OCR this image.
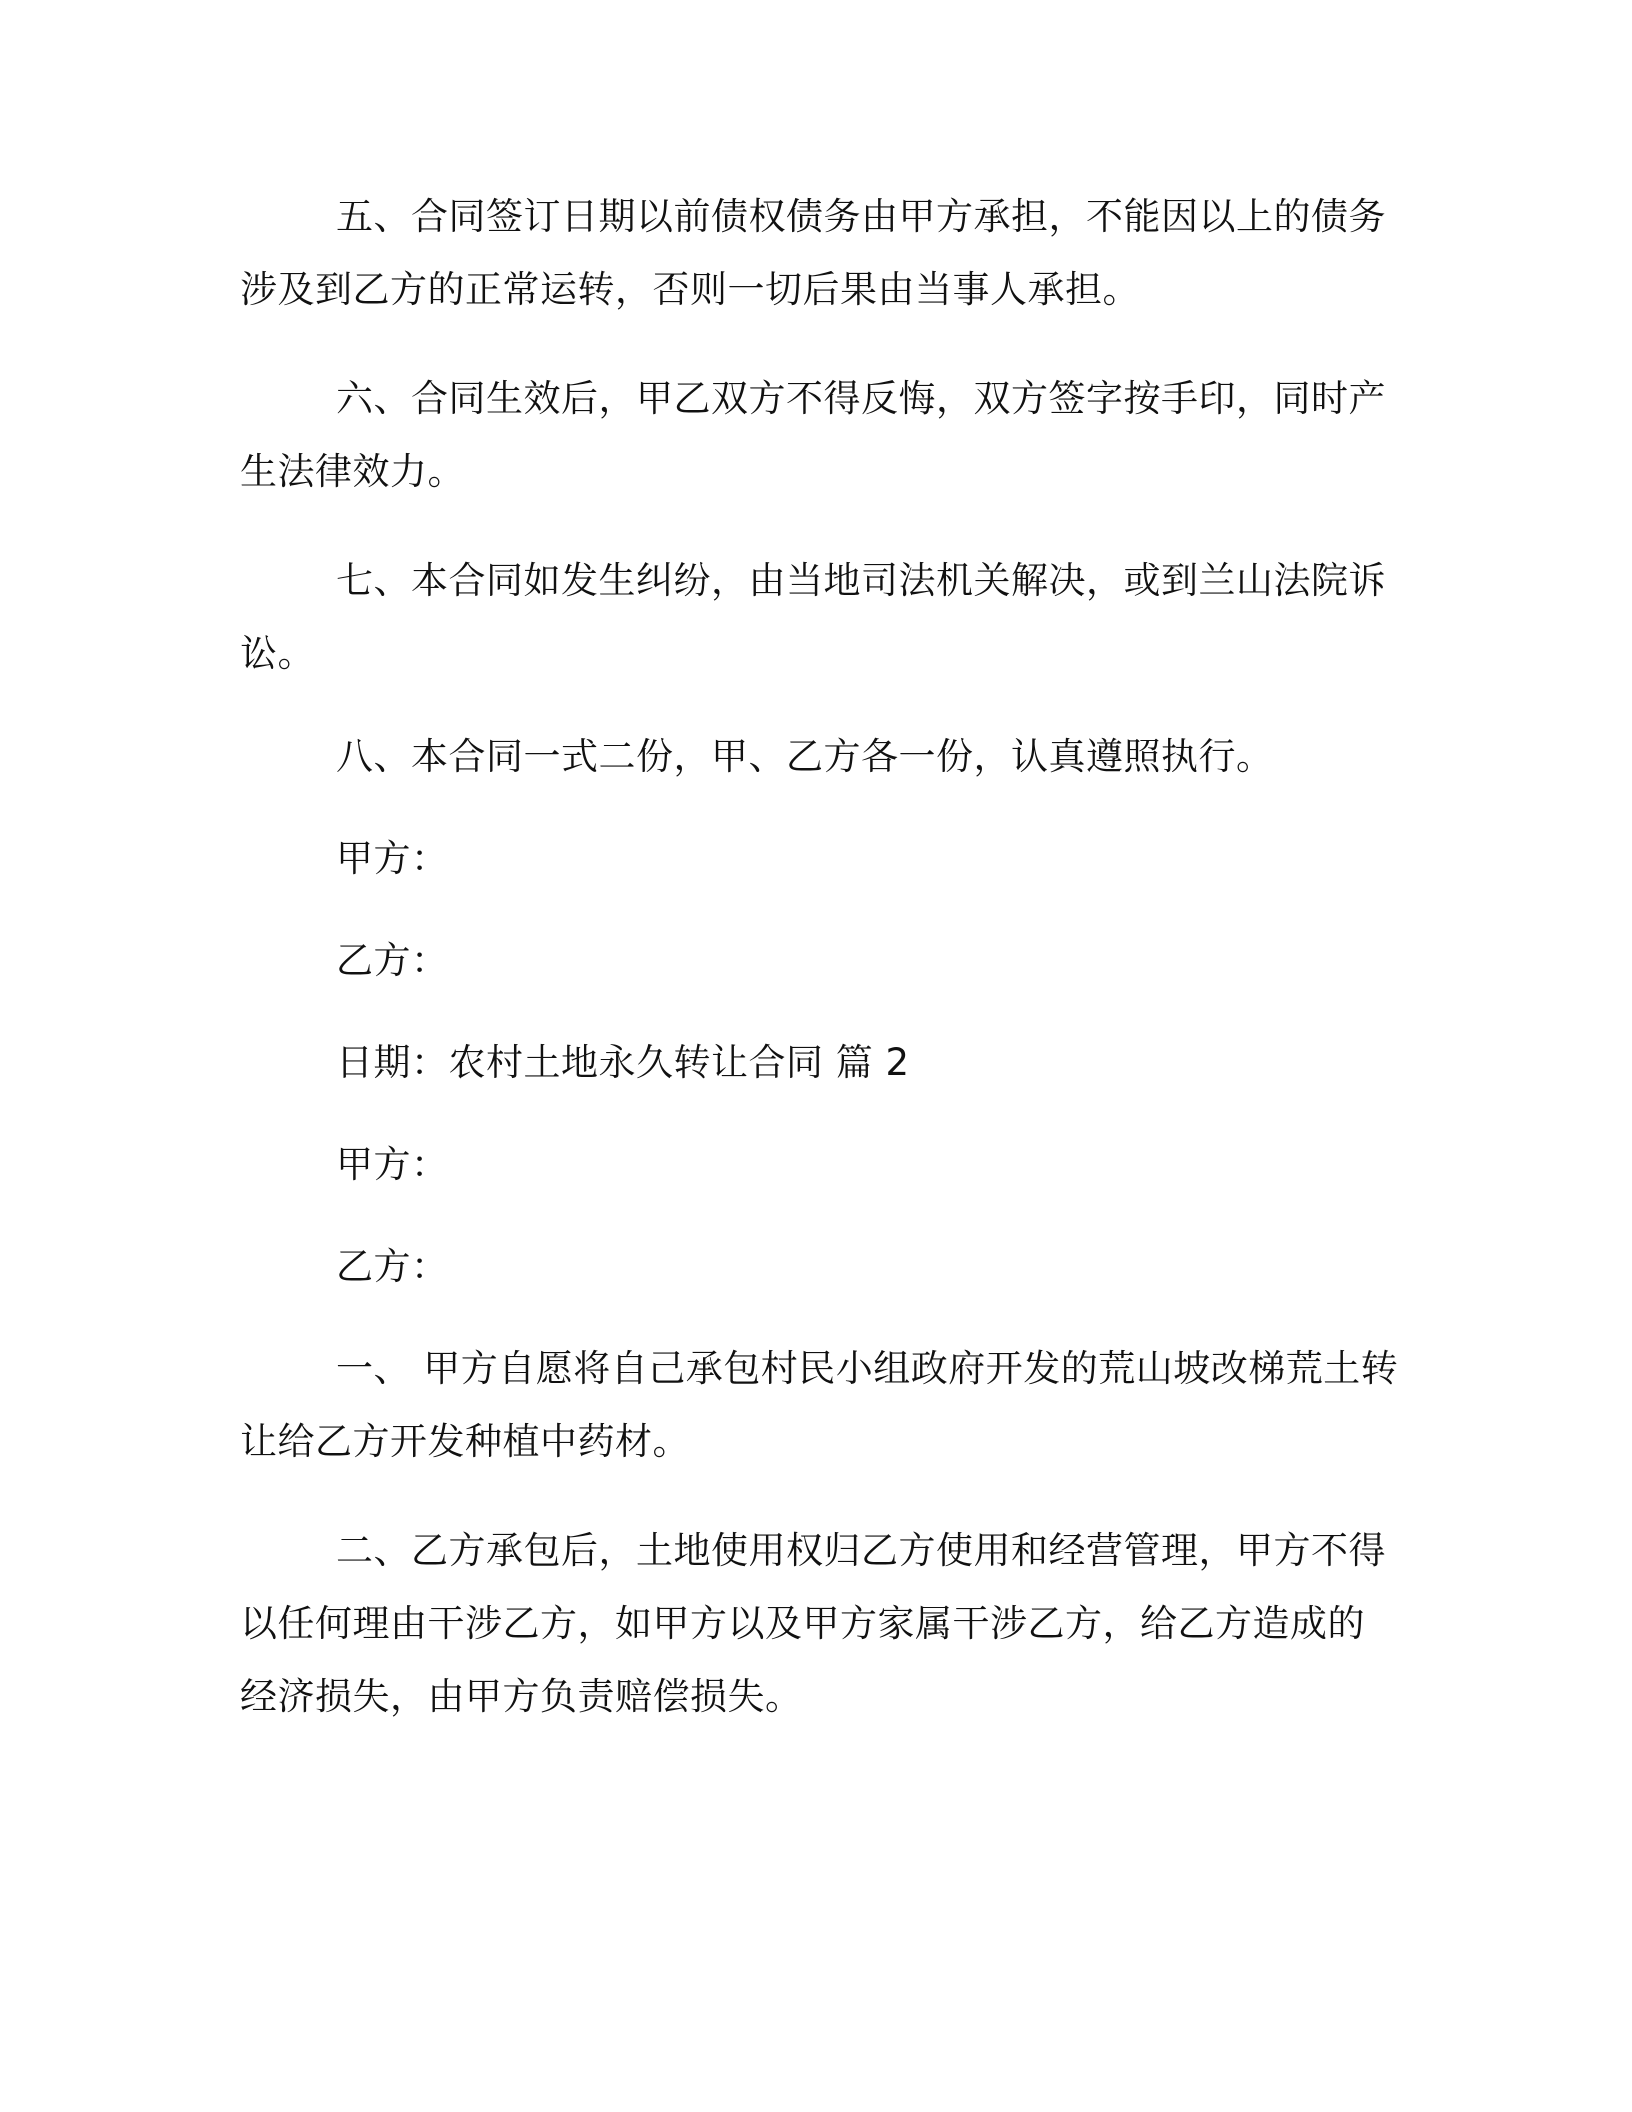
五、合同签订日期以前债权债务由甲方承担，不能因以上的债务
涉及到乙方的正常运转，否则一切后果由当事人承担。

六、合同生效后，甲乙双方不得反悔，双方签字按手印，同时产
生法律效力。

七、本合同如发生纠纷，由当地司法机关解决，或到兰山法院诉
讼。

八、本合同一式二份，甲、乙方各一份，认真遵照执行。

甲方：

乙方：

日期：农村土地永久转让合同 篇 2

甲方：

乙方：

一、 甲方自愿将自己承包村民小组政府开发的荒山坡改梯荒土转
让给乙方开发种植中药材。

二、乙方承包后，土地使用权归乙方使用和经营管理，甲方不得
以任何理由干涉乙方，如甲方以及甲方家属干涉乙方，给乙方造成的
经济损失，由甲方负责赔偿损失。
